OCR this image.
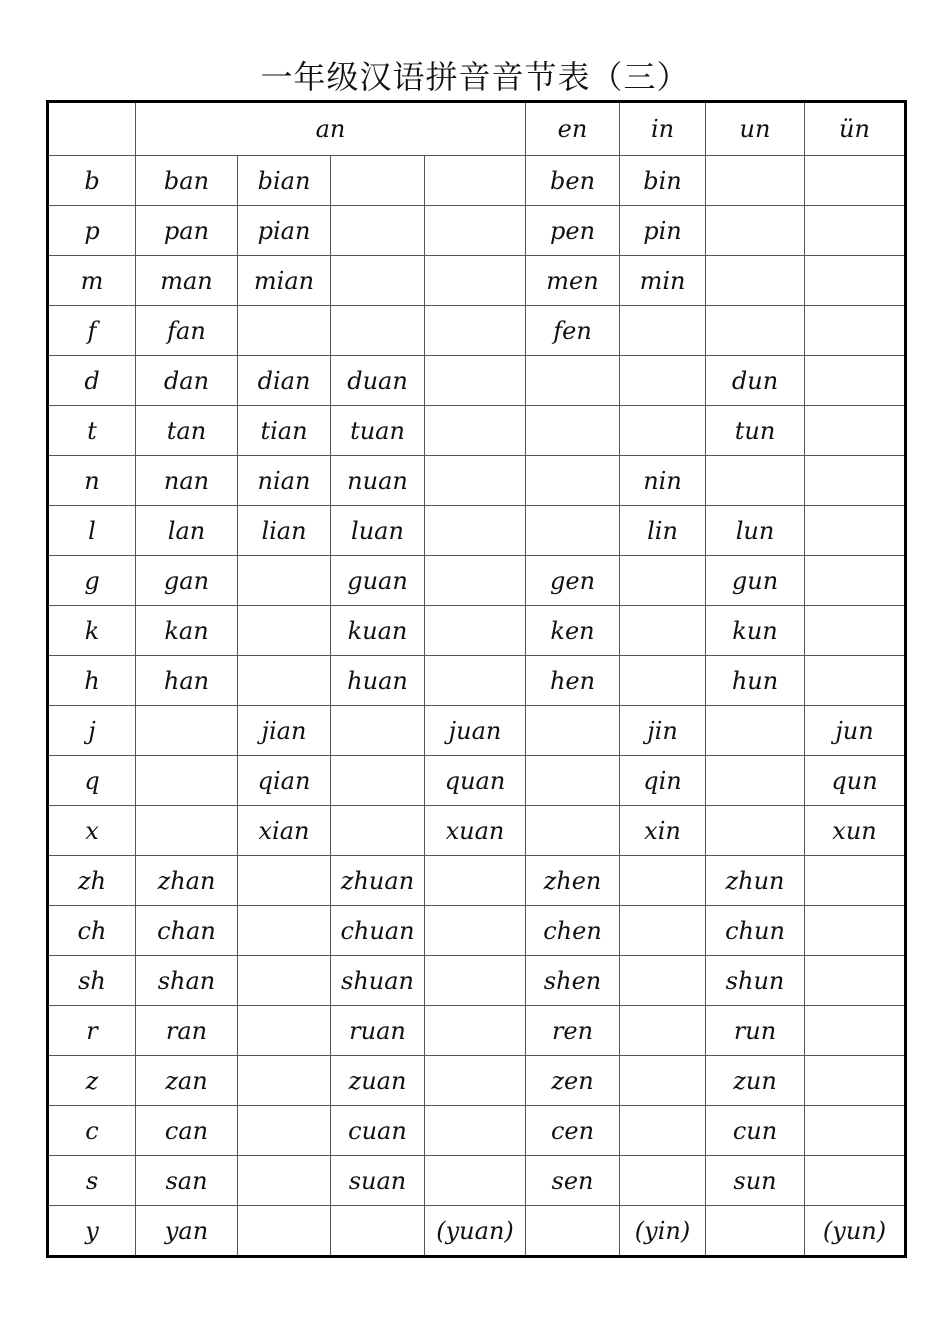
一年级汉语拼音音节表（三）
	an				en	in	un	ün
b	ban	bian			ben	bin		
p	pan	pian			pen	pin		
m	man	mian			men	min		
f	fan				fen			
d	dan	dian	duan				dun	
t	tan	tian	tuan				tun	
n	nan	nian	nuan			nin		
l	lan	lian	luan			lin	lun	
g	gan		guan		gen		gun	
k	kan		kuan		ken		kun	
h	han		huan		hen		hun	
j		jian		juan		jin		jun
q		qian		quan		qin		qun
x		xian		xuan		xin		xun
zh	zhan		zhuan		zhen		zhun	
ch	chan		chuan		chen		chun	
sh	shan		shuan		shen		shun	
r	ran		ruan		ren		run	
z	zan		zuan		zen		zun	
c	can		cuan		cen		cun	
s	san		suan		sen		sun	
y	yan			(yuan)		(yin)		(yun)
